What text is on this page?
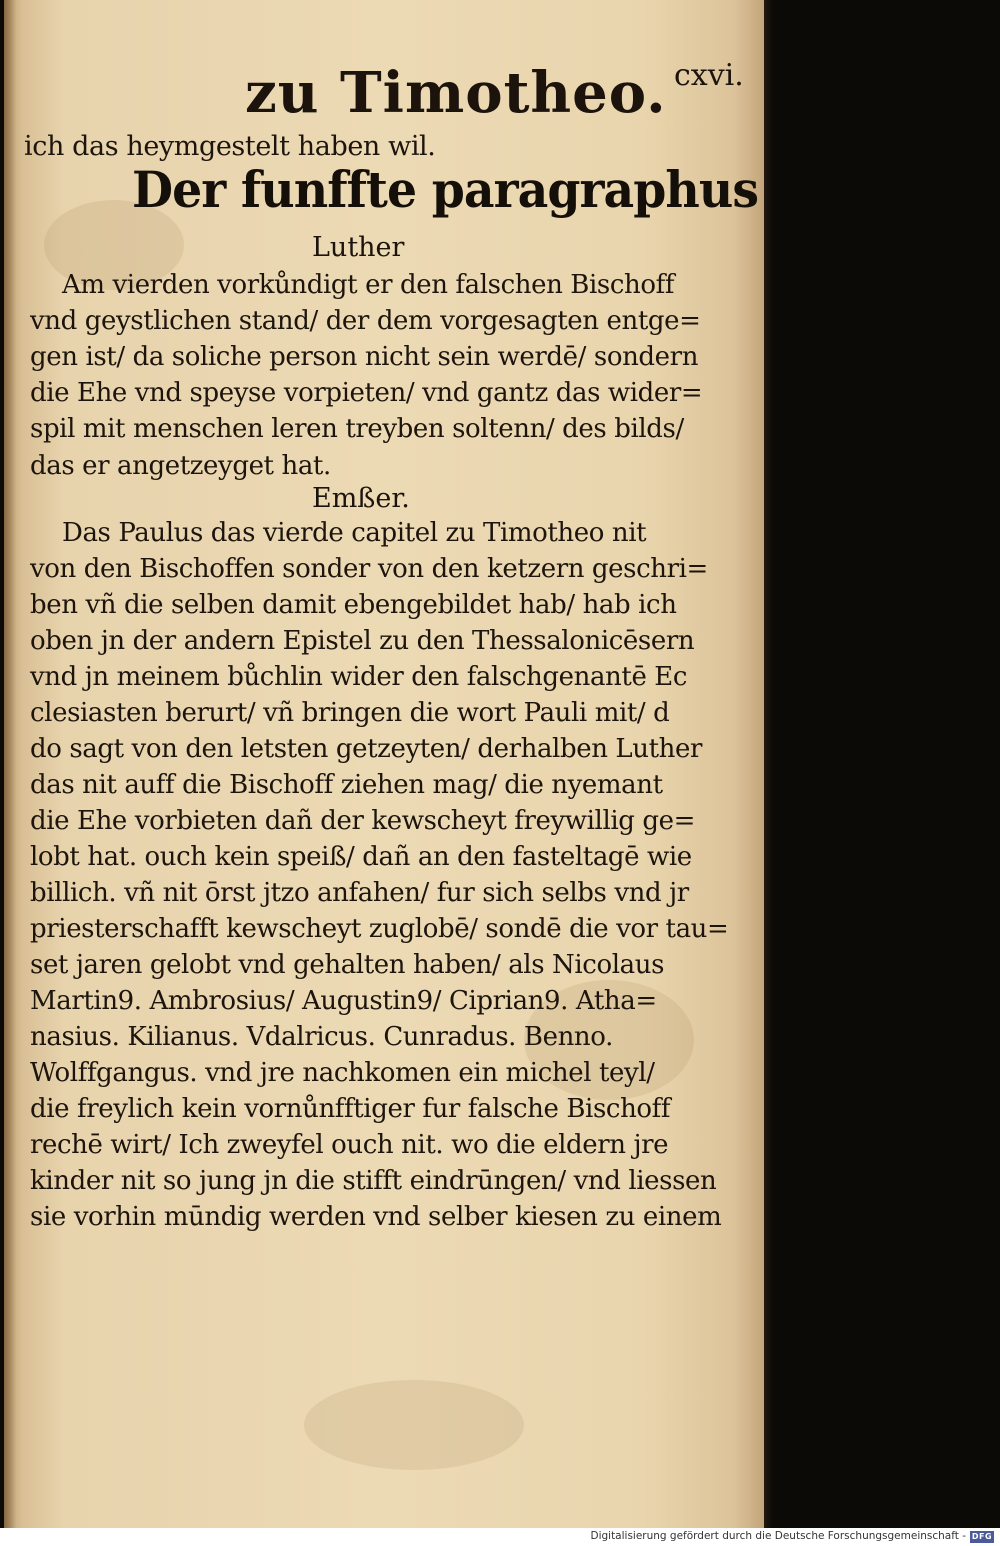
zu Timotheo. cxvi.
ich das heymgestelt haben wil.
Der funffte paragraphus
Luther
Am vierden vorkůndigt er den falschen Bischoff
vnd geystlichen stand/ der dem vorgesagten entge=
gen ist/ da soliche person nicht sein werdē/ sondern
die Ehe vnd speyse vorpieten/ vnd gantz das wider=
spil mit menschen leren treyben soltenn/ des bilds/
das er angetzeyget hat.
Emßer.
Das Paulus das vierde capitel zu Timotheo nit
von den Bischoffen sonder von den ketzern geschri=
ben vñ die selben damit ebengebildet hab/ hab ich
oben jn der andern Epistel zu den Thessalonicēsern
vnd jn meinem bůchlin wider den falschgenantē Ec
clesiasten berurt/ vñ bringen die wort Pauli mit/ d
do sagt von den letsten getzeyten/ derhalben Luther
das nit auff die Bischoff ziehen mag/ die nyemant
die Ehe vorbieten dañ der kewscheyt freywillig ge=
lobt hat. ouch kein speiß/ dañ an den fasteltagē wie
billich. vñ nit ōrst jtzo anfahen/ fur sich selbs vnd jr
priesterschafft kewscheyt zuglobē/ sondē die vor tau=
set jaren gelobt vnd gehalten haben/ als Nicolaus
Martin9. Ambrosius/ Augustin9/ Ciprian9. Atha=
nasius. Kilianus. Vdalricus. Cunradus. Benno.
Wolffgangus. vnd jre nachkomen ein michel teyl/
die freylich kein vornůnfftiger fur falsche Bischoff
rechē wirt/ Ich zweyfel ouch nit. wo die eldern jre
kinder nit so jung jn die stifft eindrūngen/ vnd liessen
sie vorhin mūndig werden vnd selber kiesen zu einem
Digitalisierung gefördert durch die Deutsche Forschungsgemeinschaft - DFG
